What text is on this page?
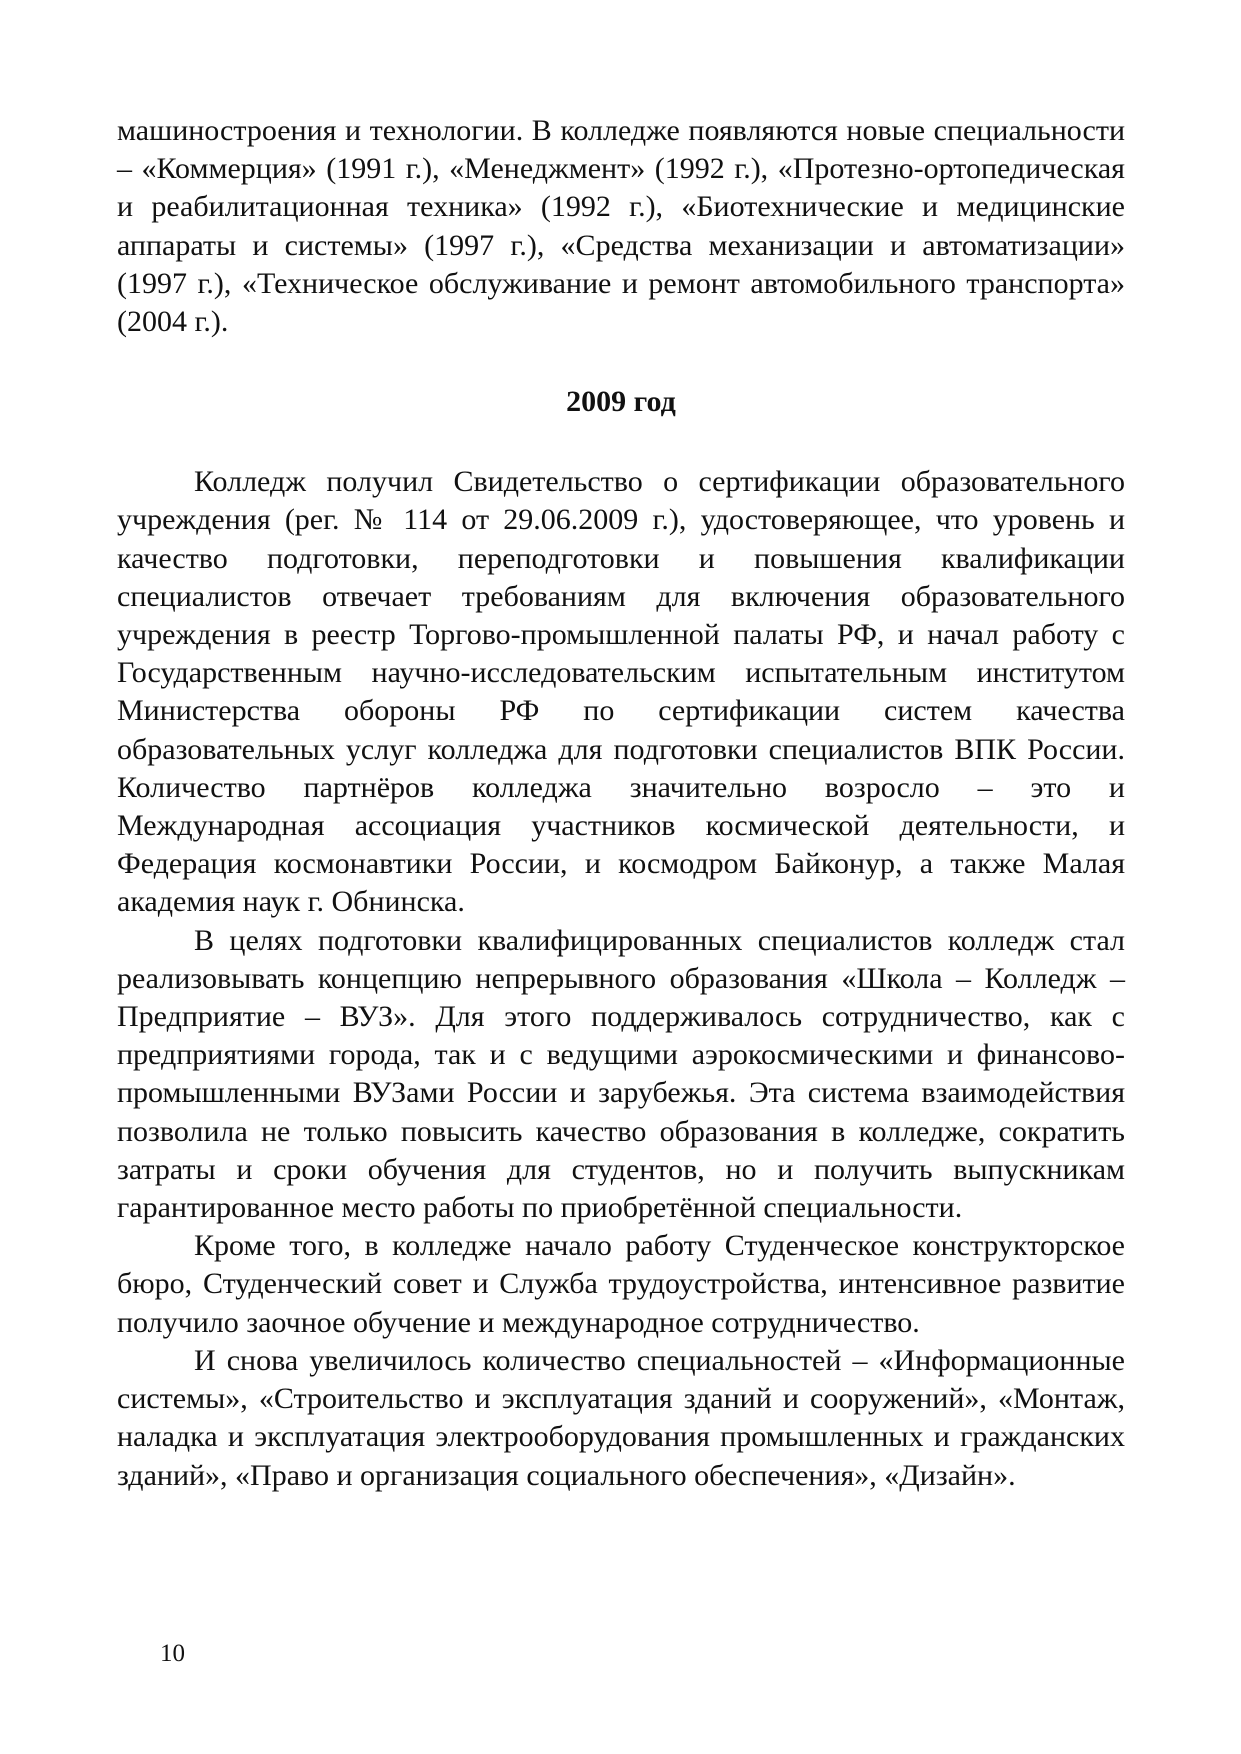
машиностроения и технологии. В колледже появляются новые специальности – «Коммерция» (1991 г.), «Менеджмент» (1992 г.), «Протезно-ортопедическая и реабилитационная техника» (1992 г.), «Биотехнические и медицинские аппараты и системы» (1997 г.), «Средства механизации и автоматизации» (1997 г.), «Техническое обслуживание и ремонт автомобильного транспорта» (2004 г.).

2009 год

Колледж получил Свидетельство о сертификации образовательного учреждения (рег. № 114 от 29.06.2009 г.), удостоверяющее, что уровень и качество подготовки, переподготовки и повышения квалификации специалистов отвечает требованиям для включения образовательного учреждения в реестр Торгово-промышленной палаты РФ, и начал работу с Государственным научно-исследовательским испытательным институтом Министерства обороны РФ по сертификации систем качества образовательных услуг колледжа для подготовки специалистов ВПК России. Количество партнёров колледжа значительно возросло – это и Международная ассоциация участников космической деятельности, и Федерация космонавтики России, и космодром Байконур, а также Малая академия наук г. Обнинска.

В целях подготовки квалифицированных специалистов колледж стал реализовывать концепцию непрерывного образования «Школа – Колледж – Предприятие – ВУЗ». Для этого поддерживалось сотрудничество, как с предприятиями города, так и с ведущими аэрокосмическими и финансово-промышленными ВУЗами России и зарубежья. Эта система взаимодействия позволила не только повысить качество образования в колледже, сократить затраты и сроки обучения для студентов, но и получить выпускникам гарантированное место работы по приобретённой специальности.

Кроме того, в колледже начало работу Студенческое конструкторское бюро, Студенческий совет и Служба трудоустройства, интенсивное развитие получило заочное обучение и международное сотрудничество.

И снова увеличилось количество специальностей – «Информационные системы», «Строительство и эксплуатация зданий и сооружений», «Монтаж, наладка и эксплуатация электрооборудования промышленных и гражданских зданий», «Право и организация социального обеспечения», «Дизайн».

10
